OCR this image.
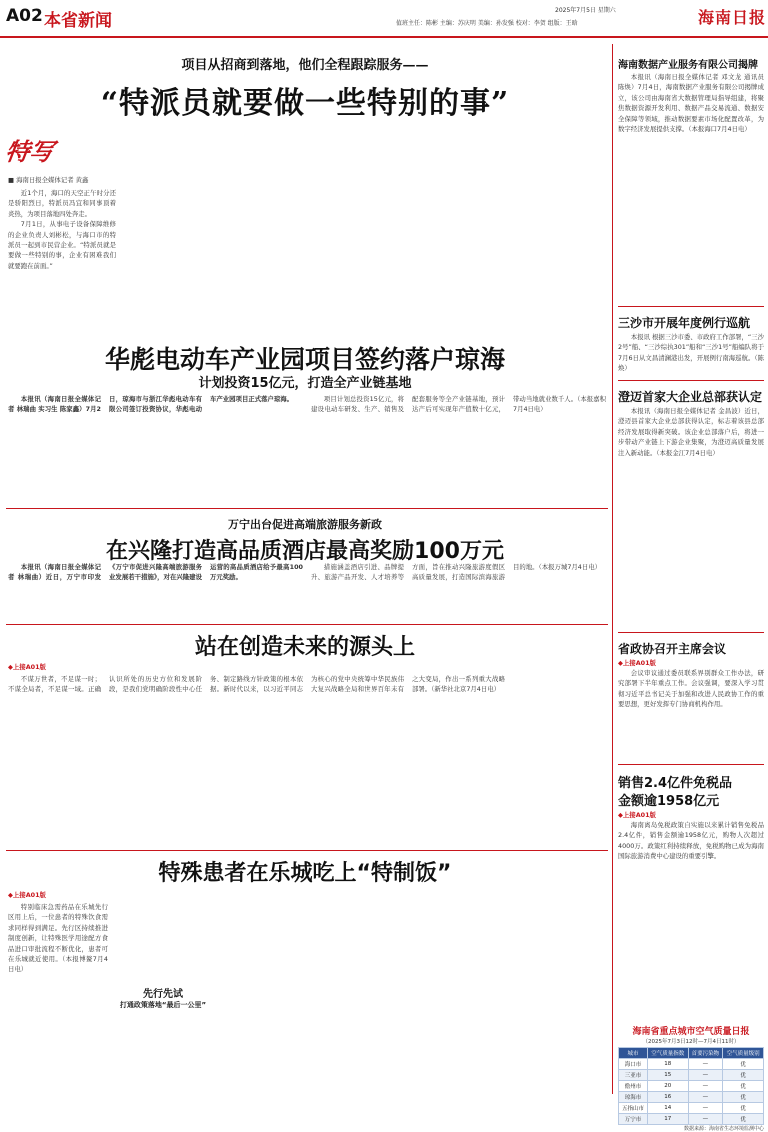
A02 本省新闻
2025年7月5日 星期六
值班主任：陈彬 主编：苏庆明 美编：孙发强 校对：李贺 组版：王晗	海南日报
项目从招商到落地，他们全程跟踪服务——
“特派员就要做一些特别的事”
特写
■ 海南日报全媒体记者 黄鑫

近1个月，海口的天空正午时分还是骄阳烈日，特派员冯宜和同事顶着炎热，为项目落地四处奔走。

7月1日，从事电子设备保障维修的企业负责人刘彬松，与海口市的特派员一起到市民营企业。“特派员就是要做一些特别的事，企业有困难我们就要跑在前面。”

华彪电动车产业园项目签约落户琼海
计划投资15亿元，打造全产业链基地

本报讯（海南日报全媒体记者 林瑞曲 实习生 陈家鑫）7月2日，琼海市与浙江华彪电动车有限公司签订投资协议，华彪电动车产业园项目正式落户琼海。	项目计划总投资15亿元，将建设电动车研发、生产、销售及配套服务等全产业链基地，预计达产后可实现年产值数十亿元，带动当地就业数千人。（本报嘉积7月4日电）

万宁出台促进高端旅游服务新政
在兴隆打造高品质酒店最高奖励100万元

本报讯（海南日报全媒体记者 林瑞曲）近日，万宁市印发《万宁市促进兴隆高端旅游服务业发展若干措施》，对在兴隆建设运营的高品质酒店给予最高100万元奖励。

措施涵盖酒店引进、品牌提升、旅游产品开发、人才培养等方面，旨在推动兴隆旅游度假区高质量发展，打造国际滨海旅游目的地。（本报万城7月4日电）

站在创造未来的源头上
◆上接A01版

不谋万世者，不足谋一时；不谋全局者，不足谋一域。正确认识所处的历史方位和发展阶段，是我们党明确阶段性中心任务、制定路线方针政策的根本依据。新时代以来，以习近平同志为核心的党中央统筹中华民族伟大复兴战略全局和世界百年未有之大变局，作出一系列重大战略部署。（新华社北京7月4日电）

特殊患者在乐城吃上“特制饭”
◆上接A01版

特别临床急需药品在乐城先行区用上后，一位患者的特殊饮食需求同样得到满足。先行区持续推进制度创新，让特殊医学用途配方食品进口审批流程不断优化，患者可在乐城就近使用。（本报博鳌7月4日电）

先行先试
打通政策落地“最后一公里”
海南数据产业服务有限公司揭牌

本报讯（海南日报全媒体记者 邓文龙 通讯员 陈焕）7月4日，海南数据产业服务有限公司揭牌成立，该公司由海南省大数据管理局指导组建，将聚焦数据资源开发利用、数据产品交易流通、数据安全保障等领域，推动数据要素市场化配置改革，为数字经济发展提供支撑。（本报海口7月4日电）

三沙市开展年度例行巡航

本报讯 根据三沙市委、市政府工作部署，“三沙2号”船、“三沙综执301”船和“三沙1号”船编队将于7月6日从文昌清澜港出发，开展例行南海巡航。（陈焕）

澄迈首家大企业总部获认定

本报讯（海南日报全媒体记者 金昌波）近日，澄迈县首家大企业总部获得认定，标志着该县总部经济发展取得新突破。该企业总部落户后，将进一步带动产业链上下游企业集聚，为澄迈高质量发展注入新动能。（本报金江7月4日电）

省政协召开主席会议
◆上接A01版

会议审议通过委员联系界别群众工作办法，研究部署下半年重点工作。会议强调，要深入学习贯彻习近平总书记关于加强和改进人民政协工作的重要思想，更好发挥专门协商机构作用。

销售2.4亿件免税品
金额逾1958亿元
◆上接A01版

海南离岛免税政策自实施以来累计销售免税品2.4亿件，销售金额逾1958亿元，购物人次超过4000万。政策红利持续释放，免税购物已成为海南国际旅游消费中心建设的重要引擎。

海南省重点城市空气质量日报
（2025年7月3日12时—7月4日11时）
城市	空气质量指数	首要污染物	空气质量级别
海口市	18	—	优
三亚市	15	—	优
儋州市	20	—	优
琼海市	16	—	优
五指山市	14	—	优
万宁市	17	—	优
数据来源：海南省生态环境监测中心
